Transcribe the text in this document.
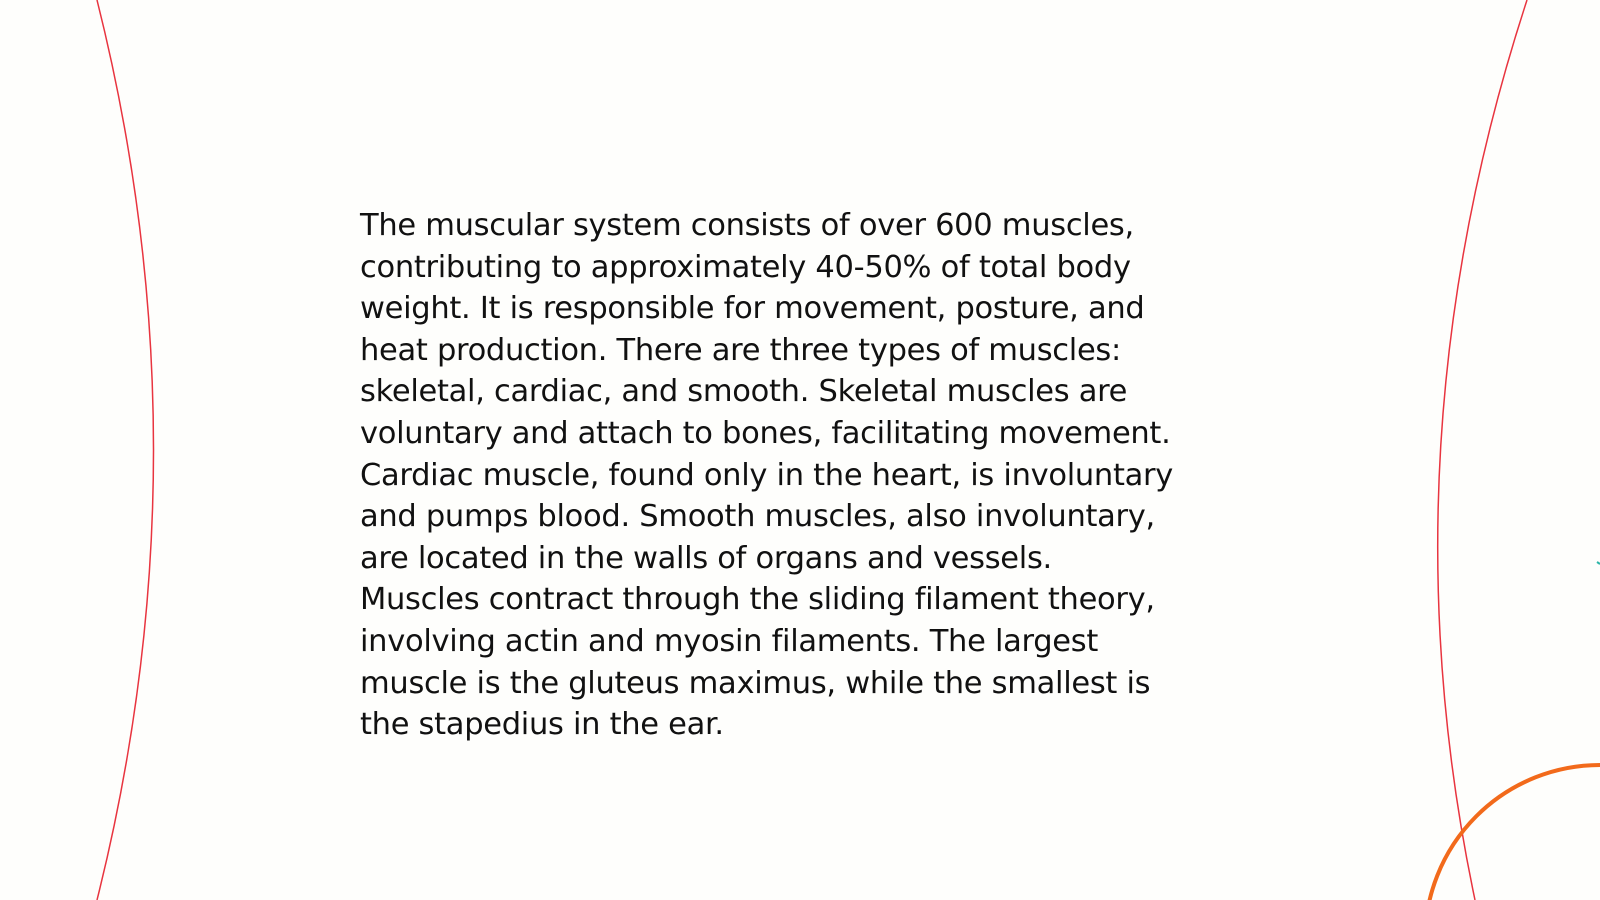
The muscular system consists of over 600 muscles,
contributing to approximately 40-50% of total body
weight. It is responsible for movement, posture, and
heat production. There are three types of muscles:
skeletal, cardiac, and smooth. Skeletal muscles are
voluntary and attach to bones, facilitating movement.
Cardiac muscle, found only in the heart, is involuntary
and pumps blood. Smooth muscles, also involuntary,
are located in the walls of organs and vessels.
Muscles contract through the sliding filament theory,
involving actin and myosin filaments. The largest
muscle is the gluteus maximus, while the smallest is
the stapedius in the ear.
